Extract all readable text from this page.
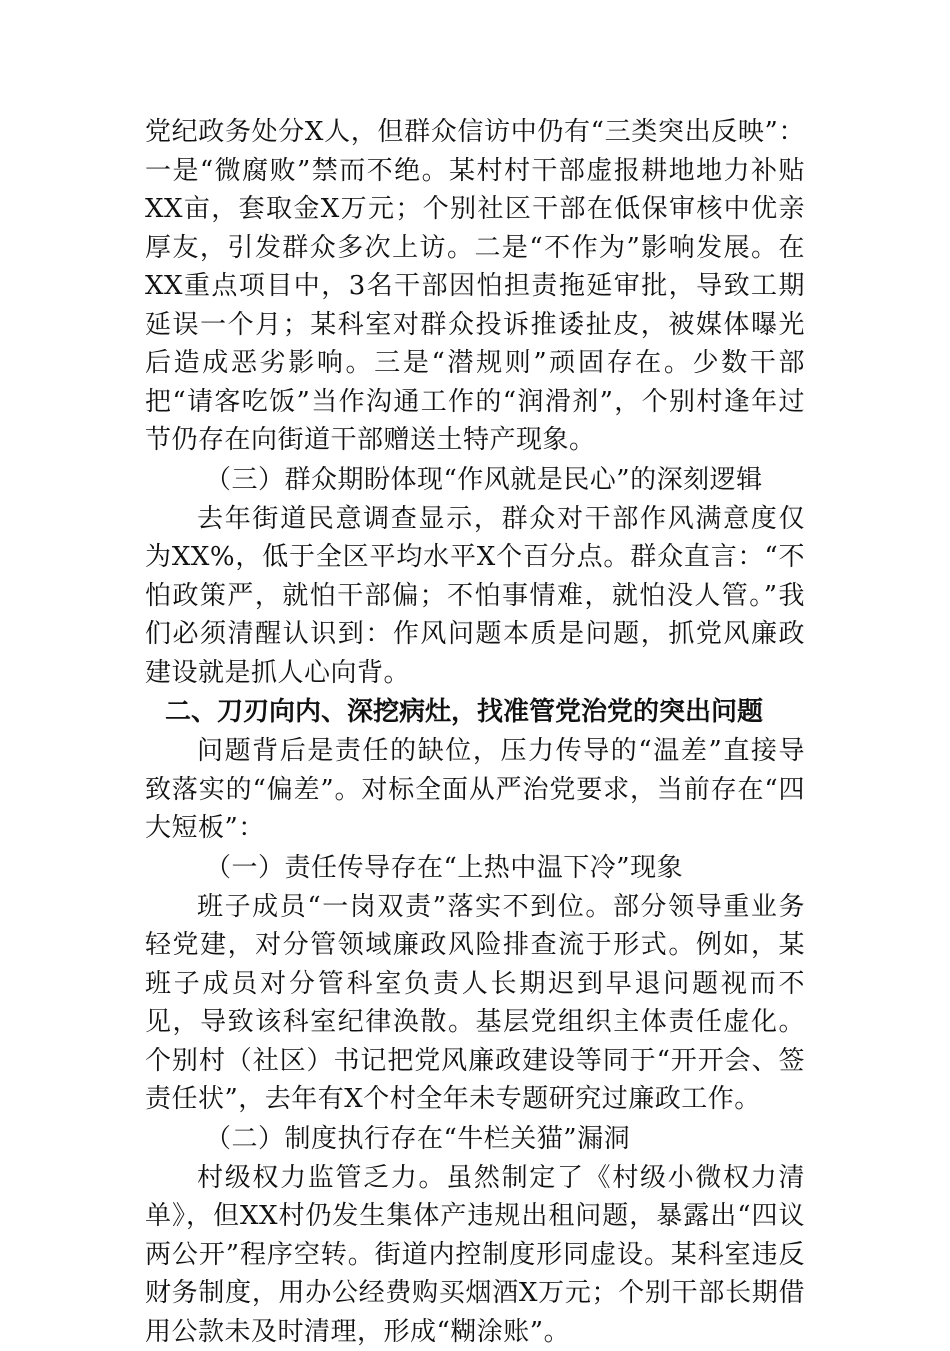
党纪政务处分X人，但群众信访中仍有“三类突出反映”：一是“微腐败”禁而不绝。某村村干部虚报耕地地力补贴XX亩，套取金X万元；个别社区干部在低保审核中优亲厚友，引发群众多次上访。二是“不作为”影响发展。在XX重点项目中，3名干部因怕担责拖延审批，导致工期延误一个月；某科室对群众投诉推诿扯皮，被媒体曝光后造成恶劣影响。三是“潜规则”顽固存在。少数干部把“请客吃饭”当作沟通工作的“润滑剂”，个别村逢年过节仍存在向街道干部赠送土特产现象。

（三）群众期盼体现“作风就是民心”的深刻逻辑

去年街道民意调查显示，群众对干部作风满意度仅为XX%，低于全区平均水平X个百分点。群众直言：“不怕政策严，就怕干部偏；不怕事情难，就怕没人管。”我们必须清醒认识到：作风问题本质是问题，抓党风廉政建设就是抓人心向背。

二、刀刃向内、深挖病灶，找准管党治党的突出问题

问题背后是责任的缺位，压力传导的“温差”直接导致落实的“偏差”。对标全面从严治党要求，当前存在“四大短板”：

（一）责任传导存在“上热中温下冷”现象

班子成员“一岗双责”落实不到位。部分领导重业务轻党建，对分管领域廉政风险排查流于形式。例如，某班子成员对分管科室负责人长期迟到早退问题视而不见，导致该科室纪律涣散。基层党组织主体责任虚化。个别村（社区）书记把党风廉政建设等同于“开开会、签责任状”，去年有X个村全年未专题研究过廉政工作。

（二）制度执行存在“牛栏关猫”漏洞

村级权力监管乏力。虽然制定了《村级小微权力清单》，但XX村仍发生集体产违规出租问题，暴露出“四议两公开”程序空转。街道内控制度形同虚设。某科室违反财务制度，用办公经费购买烟酒X万元；个别干部长期借用公款未及时清理，形成“糊涂账”。
